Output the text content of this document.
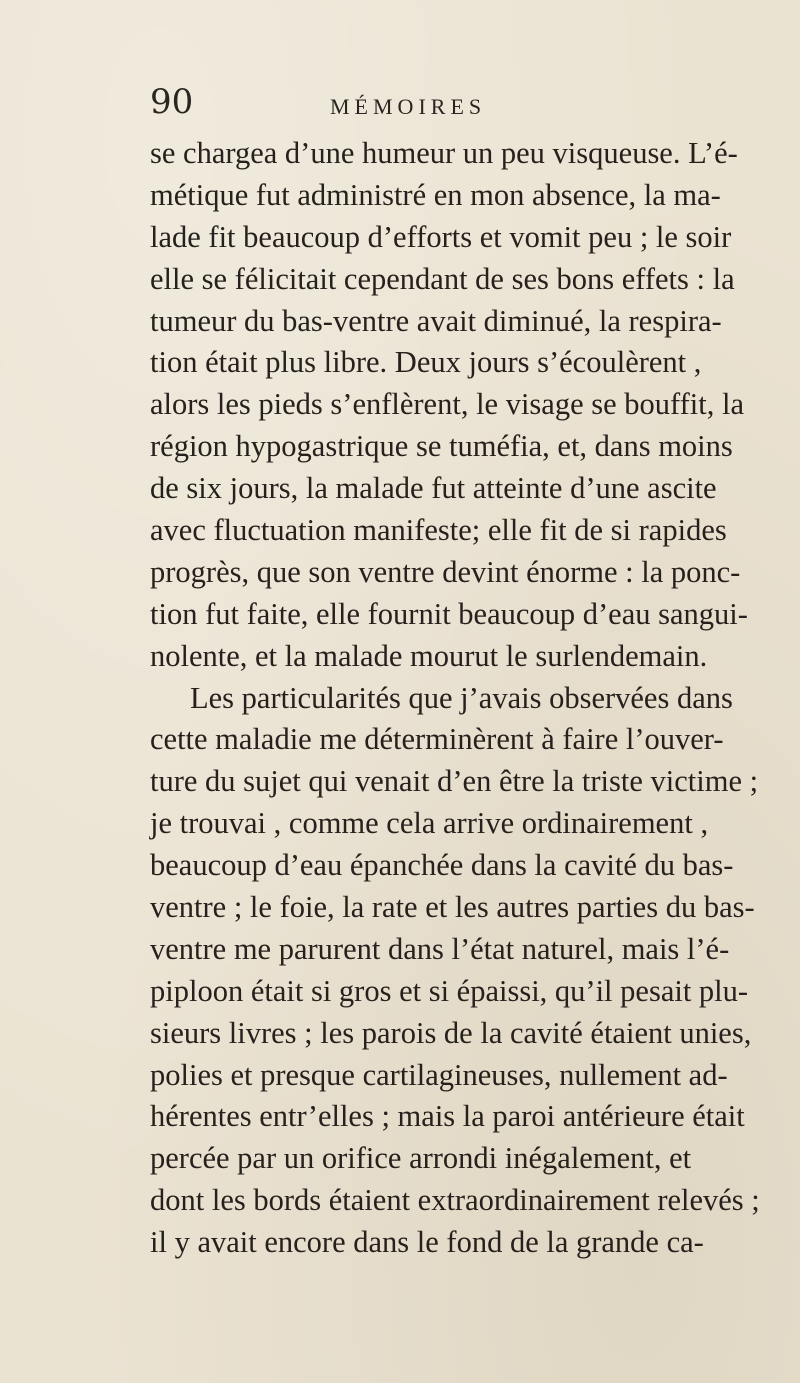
90	MÉMOIRES
se chargea d’une humeur un peu visqueuse. L’é-
métique fut administré en mon absence, la ma-
lade fit beaucoup d’efforts et vomit peu ; le soir
elle se félicitait cependant de ses bons effets : la
tumeur du bas-ventre avait diminué, la respira-
tion était plus libre. Deux jours s’écoulèrent ,
alors les pieds s’enflèrent, le visage se bouffit, la
région hypogastrique se tuméfia, et, dans moins
de six jours, la malade fut atteinte d’une ascite
avec fluctuation manifeste; elle fit de si rapides
progrès, que son ventre devint énorme : la ponc-
tion fut faite, elle fournit beaucoup d’eau sangui-
nolente, et la malade mourut le surlendemain.
Les particularités que j’avais observées dans
cette maladie me déterminèrent à faire l’ouver-
ture du sujet qui venait d’en être la triste victime ;
je trouvai , comme cela arrive ordinairement ,
beaucoup d’eau épanchée dans la cavité du bas-
ventre ; le foie, la rate et les autres parties du bas-
ventre me parurent dans l’état naturel, mais l’é-
piploon était si gros et si épaissi, qu’il pesait plu-
sieurs livres ; les parois de la cavité étaient unies,
polies et presque cartilagineuses, nullement ad-
hérentes entr’elles ; mais la paroi antérieure était
percée par un orifice arrondi inégalement, et
dont les bords étaient extraordinairement relevés ;
il y avait encore dans le fond de la grande ca-
